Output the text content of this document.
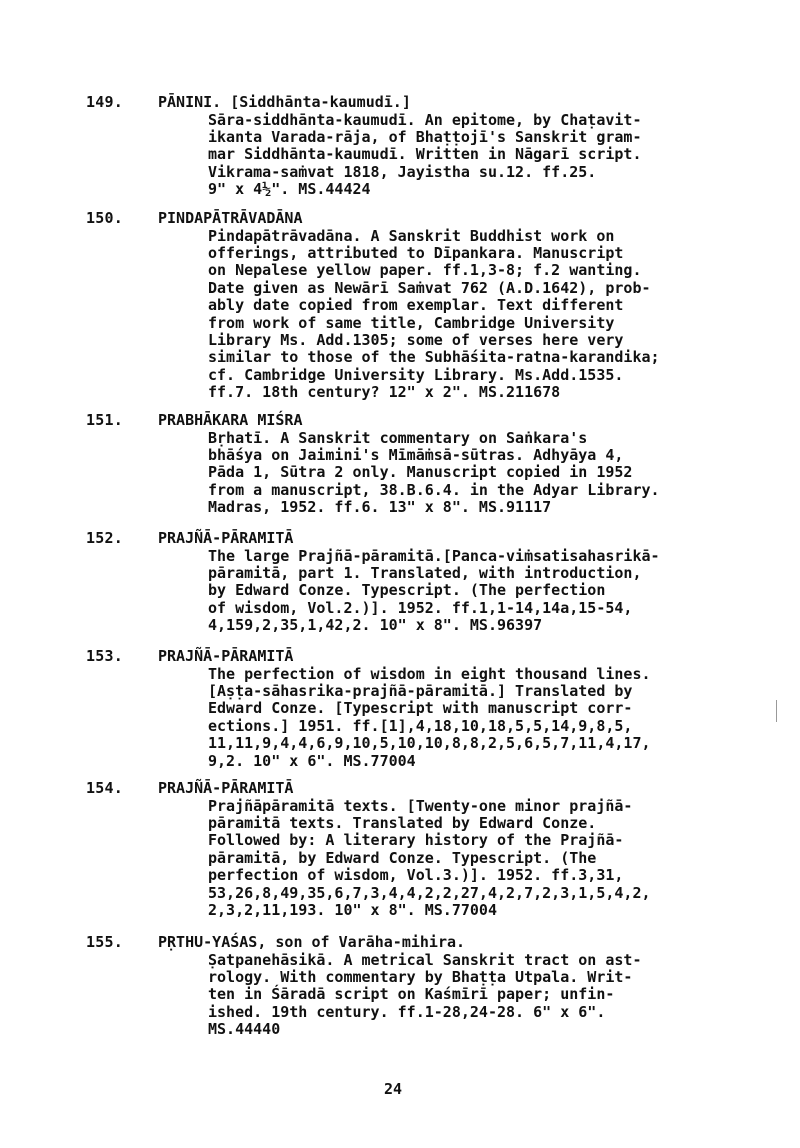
149.	PĀNINI. [Siddhānta-kaumudī.]
Sāra-siddhānta-kaumudī. An epitome, by Chaṭavit-
ikanta Varada-rāja, of Bhaṭṭojī's Sanskrit gram-
mar Siddhānta-kaumudī. Written in Nāgarī script.
Vikrama-saṁvat 1818, Jayistha su.12. ff.25.
9" x 4½". MS.44424
150.	PINDAPĀTRĀVADĀNA
Pindapātrāvadāna. A Sanskrit Buddhist work on
offerings, attributed to Dīpankara. Manuscript
on Nepalese yellow paper. ff.1,3-8; f.2 wanting.
Date given as Newārī Saṁvat 762 (A.D.1642), prob-
ably date copied from exemplar. Text different
from work of same title, Cambridge University
Library Ms. Add.1305; some of verses here very
similar to those of the Subhāśita-ratna-karandika;
cf. Cambridge University Library. Ms.Add.1535.
ff.7. 18th century? 12" x 2". MS.211678
151.	PRABHĀKARA MIŚRA
Bṛhatī. A Sanskrit commentary on Saṅkara's
bhāśya on Jaimini's Mīmāṁsā-sūtras. Adhyāya 4,
Pāda 1, Sūtra 2 only. Manuscript copied in 1952
from a manuscript, 38.B.6.4. in the Adyar Library.
Madras, 1952. ff.6. 13" x 8". MS.91117
152.	PRAJÑĀ-PĀRAMITĀ
The large Prajñā-pāramitā.[Panca-viṁsatisahasrikā-
pāramitā, part 1. Translated, with introduction,
by Edward Conze. Typescript. (The perfection
of wisdom, Vol.2.)]. 1952. ff.1,1-14,14a,15-54,
4,159,2,35,1,42,2. 10" x 8". MS.96397
153.	PRAJÑĀ-PĀRAMITĀ
The perfection of wisdom in eight thousand lines.
[Aṣṭa-sāhasrika-prajñā-pāramitā.] Translated by
Edward Conze. [Typescript with manuscript corr-
ections.] 1951. ff.[1],4,18,10,18,5,5,14,9,8,5,
11,11,9,4,4,6,9,10,5,10,10,8,8,2,5,6,5,7,11,4,17,
9,2. 10" x 6". MS.77004
154.	PRAJÑĀ-PĀRAMITĀ
Prajñāpāramitā texts. [Twenty-one minor prajñā-
pāramitā texts. Translated by Edward Conze.
Followed by: A literary history of the Prajñā-
pāramitā, by Edward Conze. Typescript. (The
perfection of wisdom, Vol.3.)]. 1952. ff.3,31,
53,26,8,49,35,6,7,3,4,4,2,2,27,4,2,7,2,3,1,5,4,2,
2,3,2,11,193. 10" x 8". MS.77004
155.	PṚTHU-YAŚAS, son of Varāha-mihira.
Ṣatpanehāsikā. A metrical Sanskrit tract on ast-
rology. With commentary by Bhaṭṭa Utpala. Writ-
ten in Śāradā script on Kaśmīrī paper; unfin-
ished. 19th century. ff.1-28,24-28. 6" x 6".
MS.44440
24
